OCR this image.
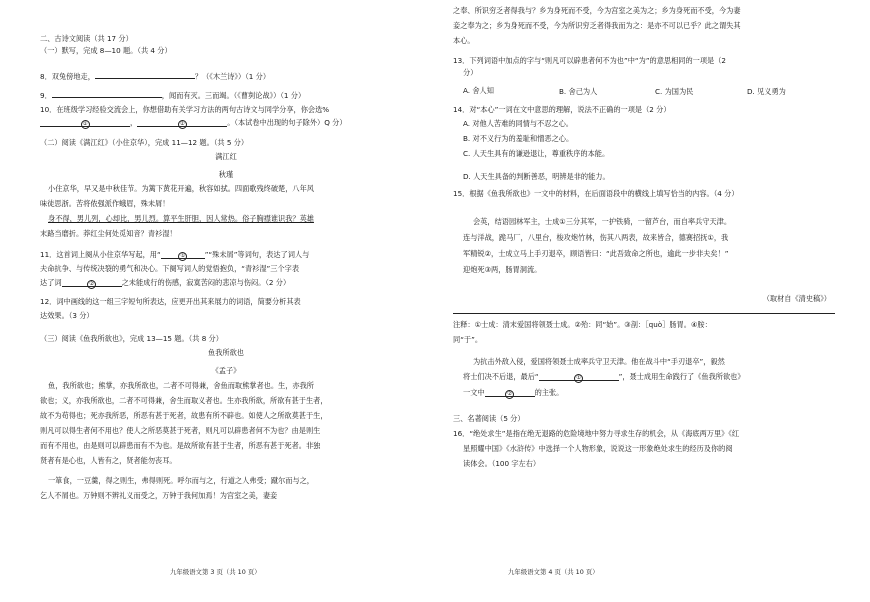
二、古诗文阅读（共 17 分）
（一）默写，完成 8—10 题。（共 4 分）
8．双兔傍地走，	？（《木兰诗》）（1 分）
9．	，闻而有灭。三而竭。（《曹刿论战》）（1 分）
10．在班级学习经验交流会上，你想借助有关学习方法的两句古诗文与同学分享，你会选%
①	，	②	。（本试卷中出现的句子除外）Q 分）
（二）阅读《满江红》（小住京华），完成 11—12 题。（共 5 分）
满江红
秋瑾
小住京华，早又是中秋佳节。为篱下黄花开遍，秋容如拭。四面歌残终破楚，八年风
味徒思浙。苦将侬强派作蛾眉，殊未屑！
身不得，男儿列，心却比，男儿烈。算平生肝胆，因人常热。俗子胸襟谁识我？英雄
末路当磨折。莽红尘何处觅知音？青衫湿！
11．这首词上阕从小住京华写起，用“	①	”“殊未屑”等词句，表达了词人与
夫命抗争、与传统决裂的勇气和决心。下阕写词人的觉悟抱负，“青衫湿”三个字表
达了词	②	之未能成行的伤感，寂寞苦闷的悲凉与伤闷。（2 分）
12．词中画线的这一组三字短句所表达，应更开出其来展力的词语，简要分析其表
达效果。（3 分）
（三）阅读《鱼我所欲也》，完成 13—15 题。（共 8 分）
鱼我所欲也
《孟子》
鱼，我所欲也；熊掌，亦我所欲也，二者不可得兼，舍鱼而取熊掌者也。生，亦我所
欲也；义，亦我所欲也，二者不可得兼，舍生而取义者也。生亦我所欲，所欲有甚于生者，
故不为苟得也；死亦我所恶，所恶有甚于死者，故患有所不辟也。如使人之所欲莫甚于生，
则凡可以得生者何不用也？使人之所恶莫甚于死者，则凡可以辟患者何不为也？由是则生
而有不用也，由是则可以辟患而有不为也。是故所欲有甚于生者，所恶有甚于死者。非独
贤者有是心也，人皆有之，贤者能勿丧耳。
一箪食，一豆羹，得之则生，弗得则死。呼尔而与之，行道之人弗受；蹴尔而与之，
乞人不屑也。万钟则不辨礼义而受之，万钟于我何加焉！为宫室之美，妻妾
九年级语文第 3 页（共 10 页）
之奉、所识穷乏者得我与？乡为身死而不受，今为宫室之美为之；乡为身死而不受，今为妻
妾之奉为之；乡为身死而不受，今为所识穷乏者得我而为之：是亦不可以已乎？此之谓失其
本心。
13．下列词语中加点的字与“则凡可以辟患者何不为也”中“为”的意思相同的一项是（2
分）
A. 舍人知	B. 舍己为人	C. 为国为民	D. 见义勇为
14．对“本心”一词在文中意思的理解，说法不正确的一项是（2 分）
A. 对他人苦难的同情与不忍之心。
B. 对不义行为的羞耻和憎恶之心。
C. 人天生具有的谦逊退让，尊重秩序的本能。
D. 人天生具备的判断善恶，明辨是非的能力。
15．根据《鱼我所欲也》一文中的材料，在后面语段中的横线上填写恰当的内容。（4 分）
会英，结语园林军主，士成①三分其军，一护铁骑，一留芦台，而自率兵守天津。
连与洋战，跪马厂，八里台，梭攻炮竹林，伤其八两表，故来皆合，德赛招抚①，我
军精锐②，士成立马上手刃退卒，顾语皆曰：“此吾致命之所也，逾此一步非夫矣！”
迎炮死③两，肠胃洞流。
（取材自《清史稿》）
注释：①士成：清末爱国将领聂士成。②殆：同“始”。③剖：［quò］肠胃。④胺：
同“于”。
为抗击外敌入侵，爱国将领聂士成率兵守卫天津。他在战斗中“手刃退卒”，毅然
将士们决不后退，最后“	①	”，聂士成用生命践行了《鱼我所欲也》
一文中	②	的主张。
三、名著阅读（5 分）
16．“绝处求生”是指在绝无退路的危险境地中努力寻求生存的机会，从《海底两万里》《红
星照耀中国》《水浒传》中选择一个人物形象，说说这一形象绝处求生的经历及你的阅
读体会。（100 字左右）
九年级语文第 4 页（共 10 页）
